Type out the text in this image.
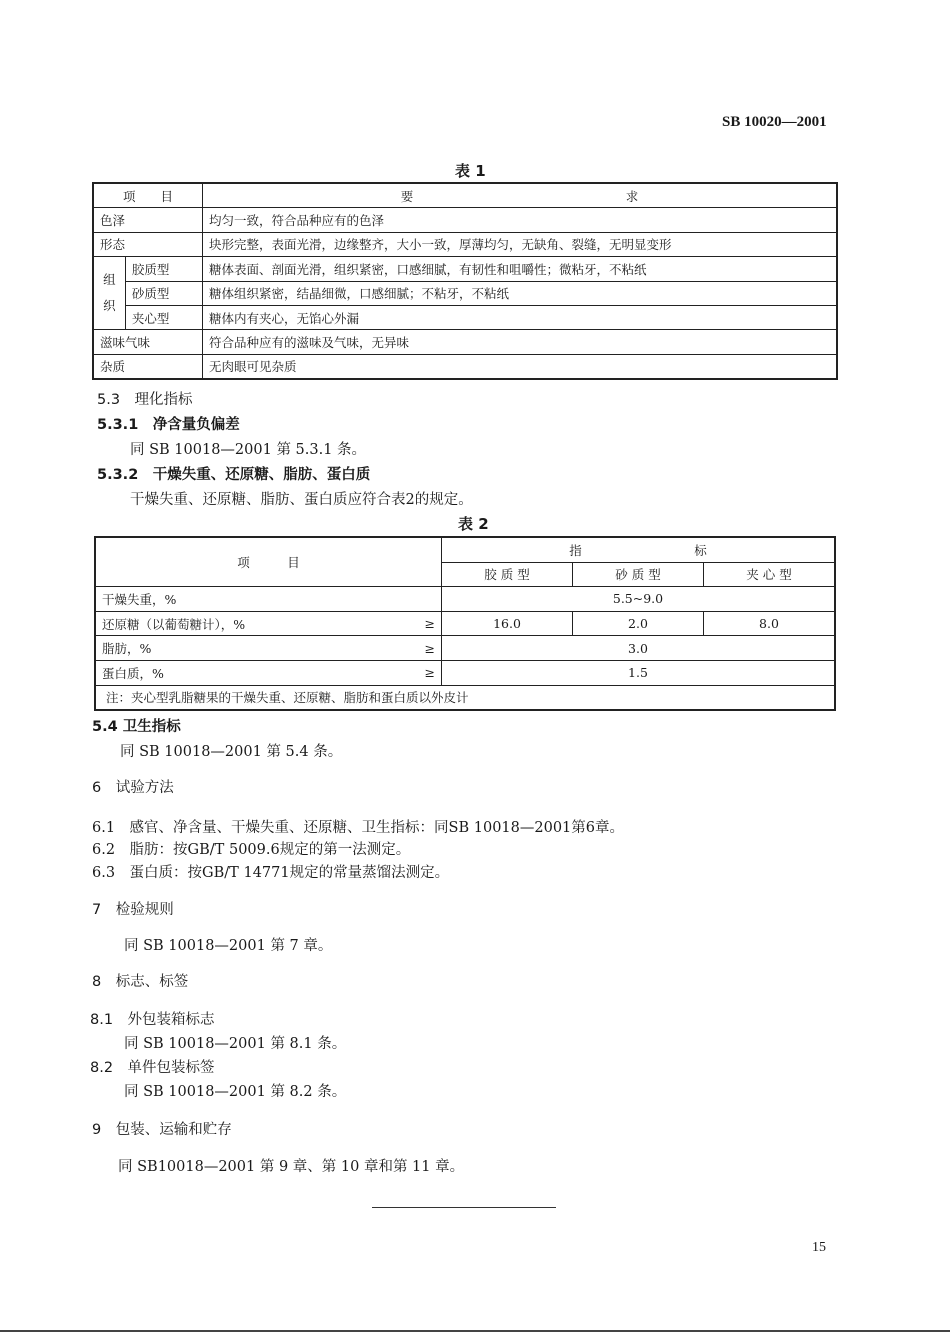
SB 10020—2001
表 1
项　　目		要　　　　　　　　　　　　　　　　　求
色泽		均匀一致，符合品种应有的色泽
形态		块形完整，表面光滑，边缘整齐，大小一致，厚薄均匀，无缺角、裂缝，无明显变形
组织	胶质型	糖体表面、剖面光滑，组织紧密，口感细腻，有韧性和咀嚼性；微粘牙，不粘纸
	砂质型	糖体组织紧密，结晶细微，口感细腻；不粘牙，不粘纸
	夹心型	糖体内有夹心，无馅心外漏
滋味气味		符合品种应有的滋味及气味，无异味
杂质		无肉眼可见杂质
5.3　理化指标
5.3.1　净含量负偏差
同 SB 10018—2001 第 5.3.1 条。
5.3.2　干燥失重、还原糖、脂肪、蛋白质
干燥失重、还原糖、脂肪、蛋白质应符合表2的规定。
表 2
项　　　目		指　　　　　　　　　标		
		胶 质 型	砂 质 型	夹 心 型
干燥失重，%		5.5~9.0		
还原糖（以葡萄糖计），%	≥	16.0	2.0	8.0
脂肪，%	≥	3.0		
蛋白质，%	≥	1.5		
注：夹心型乳脂糖果的干燥失重、还原糖、脂肪和蛋白质以外皮计				
5.4 卫生指标
同 SB 10018—2001 第 5.4 条。
6　试验方法
6.1　感官、净含量、干燥失重、还原糖、卫生指标：同SB 10018—2001第6章。
6.2　脂肪：按GB/T 5009.6规定的第一法测定。
6.3　蛋白质：按GB/T 14771规定的常量蒸馏法测定。
7　检验规则
同 SB 10018—2001 第 7 章。
8　标志、标签
8.1　外包装箱标志
同 SB 10018—2001 第 8.1 条。
8.2　单件包装标签
同 SB 10018—2001 第 8.2 条。
9　包装、运输和贮存
同 SB10018—2001 第 9 章、第 10 章和第 11 章。
15
